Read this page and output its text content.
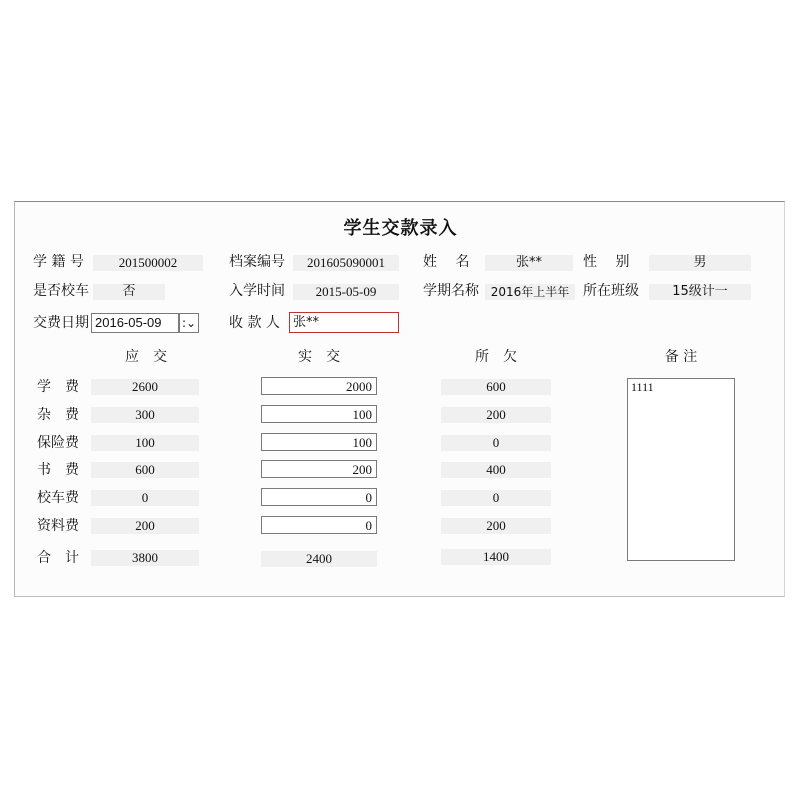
学生交款录入
学 籍 号	201500002	档案编号	201605090001	姓　 名	张**	性　 别	男
是否校车	否	入学时间	2015-05-09	学期名称 2016年上半年 所在班级	15级计一
交费日期 2016-05-09	:⌄ 收 款 人	张**
应　交	实　交	所　欠	备 注
学　费	2600	2000	600
杂　费	300	100	200
保险费	100	100	0
书　费	600	200	400
校车费	0	0	0
资料费	200	0	200
合　计	3800	2400	1400
1111
